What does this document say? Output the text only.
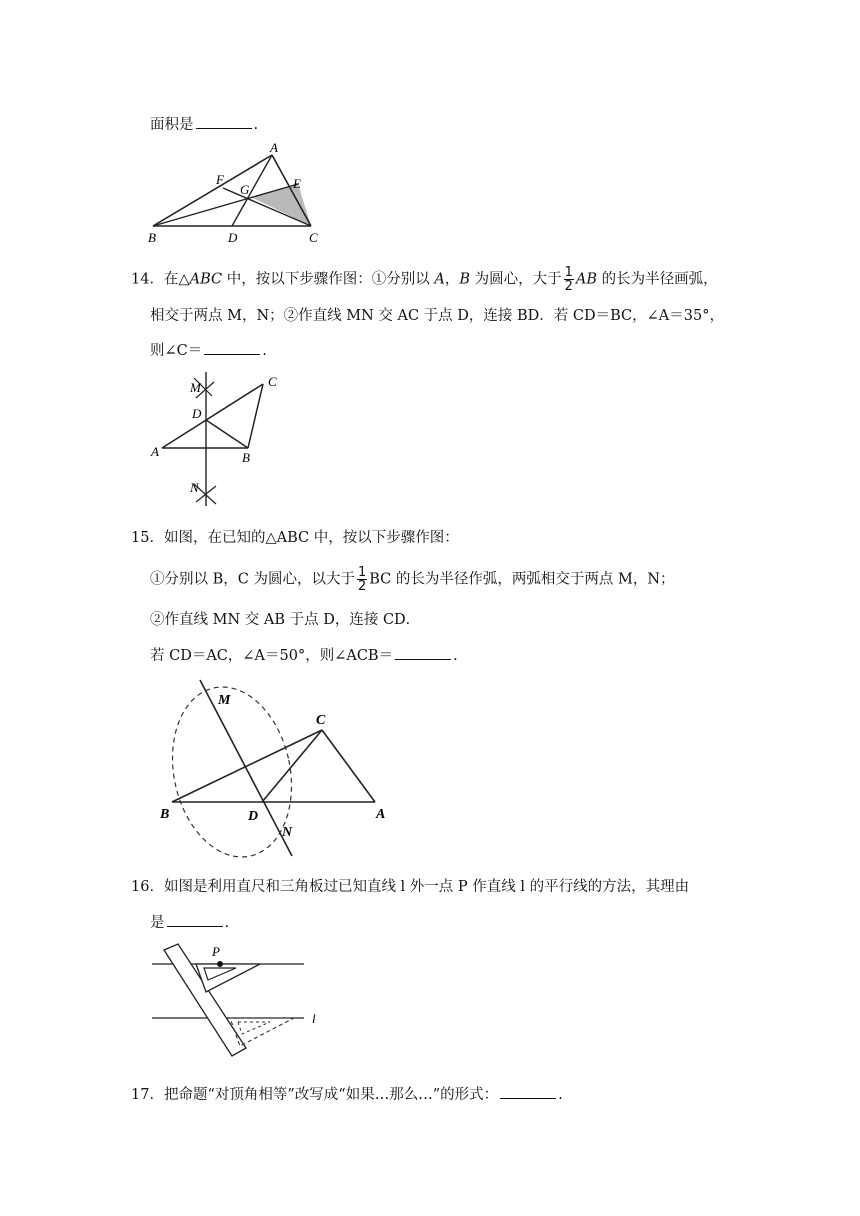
面积是	.
A
B	C
D
E
F
G
14．在△ABC 中，按以下步骤作图：①分别以 A，B 为圆心，大于 $\frac{1}{2}$ AB 的长为半径画弧，
相交于两点 M，N；②作直线 MN 交 AC 于点 D，连接 BD．若 CD＝BC，∠A＝35°，
则∠C＝	.
M	C
D
A	B
N
15．如图，在已知的△ABC 中，按以下步骤作图：
①分别以 B，C 为圆心，以大于 $\frac{1}{2}$ BC 的长为半径作弧，两弧相交于两点 M，N；
②作直线 MN 交 AB 于点 D，连接 CD．
若 CD＝AC，∠A＝50°，则∠ACB＝	.
M
C
B	D
N
A
16．如图是利用直尺和三角板过已知直线 l 外一点 P 作直线 l 的平行线的方法，其理由
是	.
P
l
17．把命题“对顶角相等”改写成“如果…那么…”的形式：	.
